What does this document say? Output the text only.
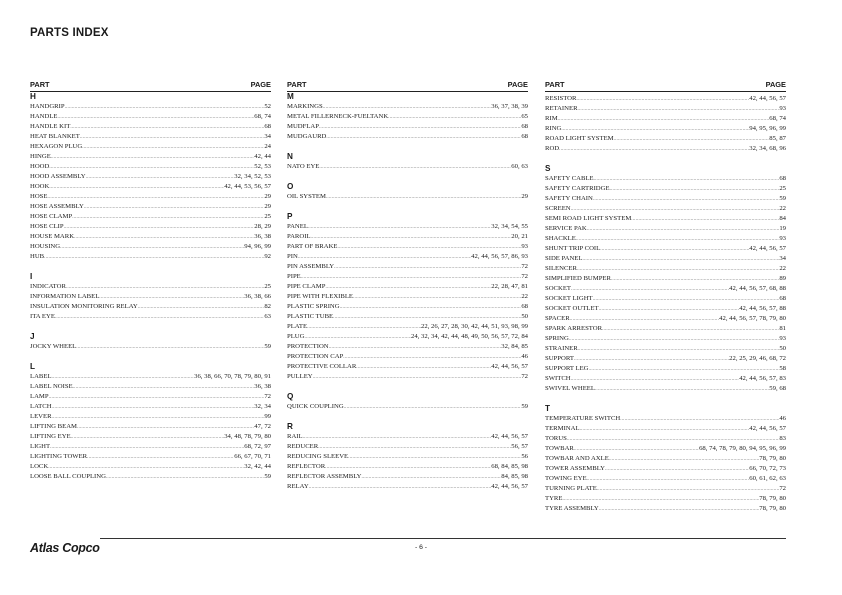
PARTS INDEX
PART	PAGE
H
HANDGRIP .....	52
HANDLE .....	68, 74
HANDLE KIT .....	68
HEAT BLANKET .....	34
HEXAGON PLUG .....	24
HINGE .....	42, 44
HOOD .....	52, 53
HOOD ASSEMBLY .....	32, 34, 52, 53
HOOK .....	42, 44, 53, 56, 57
HOSE .....	29
HOSE ASSEMBLY .....	29
HOSE CLAMP .....	25
HOSE CLIP .....	28, 29
HOUSE MARK .....	36, 38
HOUSING .....	94, 96, 99
HUB .....	92
I
INDICATOR .....	25
INFORMATION LABEL .....	36, 38, 66
INSULATION MONITORING RELAY .....	82
ITA EYE .....	63
J
JOCKY WHEEL .....	59
L
LABEL .....	36, 38, 66, 70, 78, 79, 80, 91
LABEL NOISE .....	36, 38
LAMP .....	72
LATCH .....	32, 34
LEVER .....	99
LIFTING BEAM .....	47, 72
LIFTING EYE .....	34, 48, 78, 79, 80
LIGHT .....	68, 72, 97
LIGHTING TOWER .....	66, 67, 70, 71
LOCK .....	32, 42, 44
LOOSE BALL COUPLING .....	59
PART	PAGE
M
MARKINGS .....	36, 37, 38, 39
METAL FILLERNECK-FUELTANK .....	65
MUDFLAP .....	68
MUDGAURD .....	68
N
NATO EYE .....	60, 63
O
OIL SYSTEM .....	29
P
PANEL .....	32, 34, 54, 55
PAROIL .....	20, 21
PART OF BRAKE .....	93
PIN .....	42, 44, 56, 57, 86, 93
PIN ASSEMBLY .....	72
PIPE .....	72
PIPE CLAMP .....	22, 28, 47, 81
PIPE WITH FLEXIBLE .....	22
PLASTIC SPRING .....	68
PLASTIC TUBE .....	50
PLATE .....	22, 26, 27, 28, 30, 42, 44, 51, 93, 98, 99
PLUG .....	24, 32, 34, 42, 44, 48, 49, 50, 56, 57, 72, 84
PROTECTION .....	32, 84, 85
PROTECTION CAP .....	46
PROTECTIVE COLLAR .....	42, 44, 56, 57
PULLEY .....	72
Q
QUICK COUPLING .....	59
R
RAIL .....	42, 44, 56, 57
REDUCER .....	56, 57
REDUCING SLEEVE .....	56
REFLECTOR .....	68, 84, 85, 98
REFLECTOR ASSEMBLY .....	84, 85, 98
RELAY .....	42, 44, 56, 57
PART	PAGE
RESISTOR .....	42, 44, 56, 57
RETAINER .....	93
RIM .....	68, 74
RING .....	94, 95, 96, 99
ROAD LIGHT SYSTEM .....	85, 87
ROD .....	32, 34, 68, 96
S
SAFETY CABLE .....	68
SAFETY CARTRIDGE .....	25
SAFETY CHAIN .....	59
SCREEN .....	22
SEMI ROAD LIGHT SYSTEM .....	84
SERVICE PAK .....	19
SHACKLE .....	93
SHUNT TRIP COIL .....	42, 44, 56, 57
SIDE PANEL .....	34
SILENCER .....	22
SIMPLIFIED BUMPER .....	89
SOCKET .....	42, 44, 56, 57, 68, 88
SOCKET LIGHT .....	68
SOCKET OUTLET .....	42, 44, 56, 57, 88
SPACER .....	42, 44, 56, 57, 78, 79, 80
SPARK ARRESTOR .....	81
SPRING .....	93
STRAINER .....	50
SUPPORT .....	22, 25, 29, 46, 68, 72
SUPPORT LEG .....	58
SWITCH .....	42, 44, 56, 57, 83
SWIVEL WHEEL .....	59, 68
T
TEMPERATURE SWITCH .....	46
TERMINAL .....	42, 44, 56, 57
TORUS .....	83
TOWBAR .....	68, 74, 78, 79, 80, 94, 95, 96, 99
TOWBAR AND AXLE .....	78, 79, 80
TOWER ASSEMBLY .....	66, 70, 72, 73
TOWING EYE .....	60, 61, 62, 63
TURNING PLATE .....	72
TYRE .....	78, 79, 80
TYRE ASSEMBLY .....	78, 79, 80
Atlas Copco	- 6 -
